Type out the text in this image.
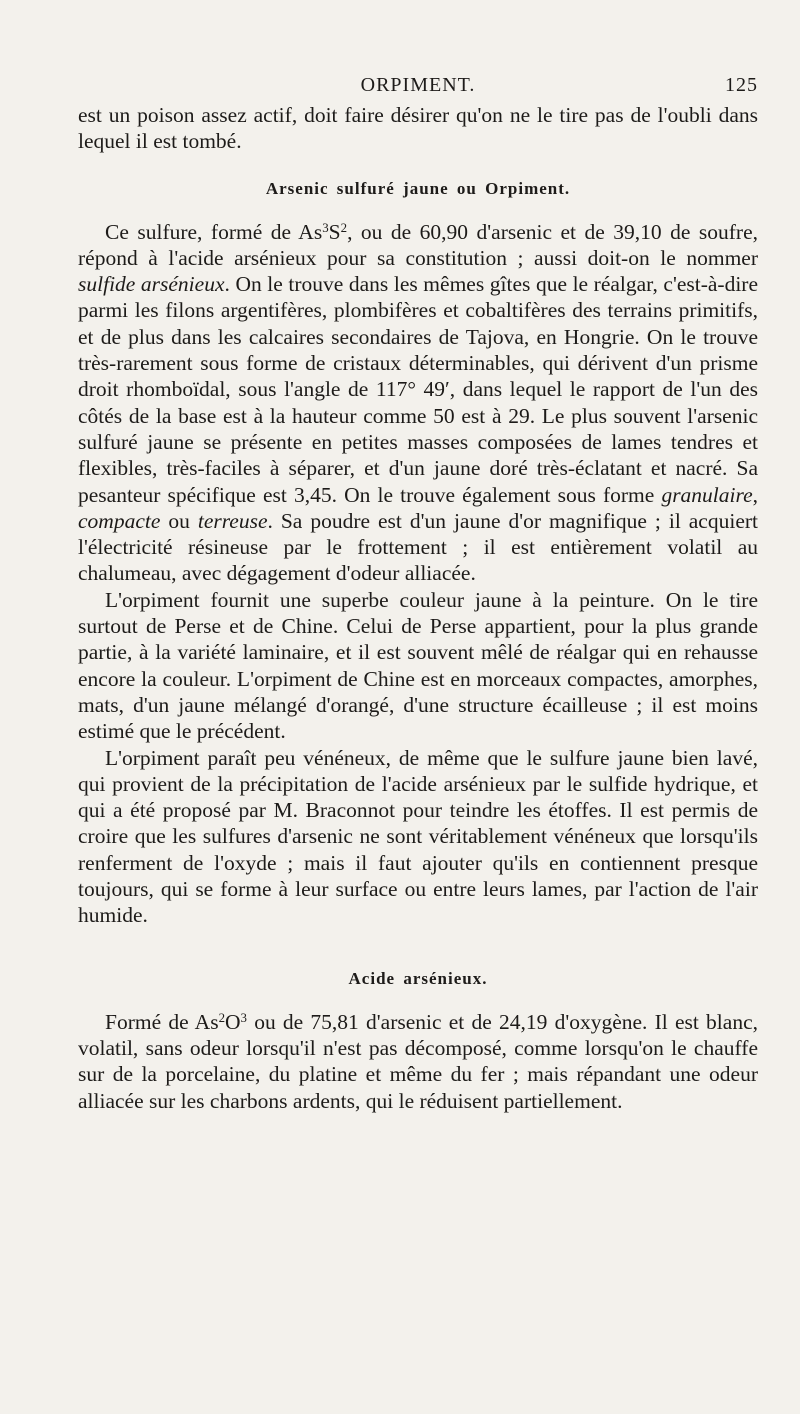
ORPIMENT.	125

est un poison assez actif, doit faire désirer qu'on ne le tire pas de l'oubli dans lequel il est tombé.

Arsenic sulfuré jaune ou Orpiment.

Ce sulfure, formé de $As^3S^2$, ou de 60,90 d'arsenic et de 39,10 de soufre, répond à l'acide arsénieux pour sa constitution ; aussi doit-on le nommer sulfide arsénieux. On le trouve dans les mêmes gîtes que le réalgar, c'est-à-dire parmi les filons argentifères, plombifères et cobaltifères des terrains primitifs, et de plus dans les calcaires secondaires de Tajova, en Hongrie. On le trouve très-rarement sous forme de cristaux déterminables, qui dérivent d'un prisme droit rhomboïdal, sous l'angle de 117° 49′, dans lequel le rapport de l'un des côtés de la base est à la hauteur comme 50 est à 29. Le plus souvent l'arsenic sulfuré jaune se présente en petites masses composées de lames tendres et flexibles, très-faciles à séparer, et d'un jaune doré très-éclatant et nacré. Sa pesanteur spécifique est 3,45. On le trouve également sous forme granulaire, compacte ou terreuse. Sa poudre est d'un jaune d'or magnifique ; il acquiert l'électricité résineuse par le frottement ; il est entièrement volatil au chalumeau, avec dégagement d'odeur alliacée.

L'orpiment fournit une superbe couleur jaune à la peinture. On le tire surtout de Perse et de Chine. Celui de Perse appartient, pour la plus grande partie, à la variété laminaire, et il est souvent mêlé de réalgar qui en rehausse encore la couleur. L'orpiment de Chine est en morceaux compactes, amorphes, mats, d'un jaune mélangé d'orangé, d'une structure écailleuse ; il est moins estimé que le précédent.

L'orpiment paraît peu vénéneux, de même que le sulfure jaune bien lavé, qui provient de la précipitation de l'acide arsénieux par le sulfide hydrique, et qui a été proposé par M. Braconnot pour teindre les étoffes. Il est permis de croire que les sulfures d'arsenic ne sont véritablement vénéneux que lorsqu'ils renferment de l'oxyde ; mais il faut ajouter qu'ils en contiennent presque toujours, qui se forme à leur surface ou entre leurs lames, par l'action de l'air humide.

Acide arsénieux.

Formé de $As^2O^3$ ou de 75,81 d'arsenic et de 24,19 d'oxygène. Il est blanc, volatil, sans odeur lorsqu'il n'est pas décomposé, comme lorsqu'on le chauffe sur de la porcelaine, du platine et même du fer ; mais répandant une odeur alliacée sur les charbons ardents, qui le réduisent partiellement.
